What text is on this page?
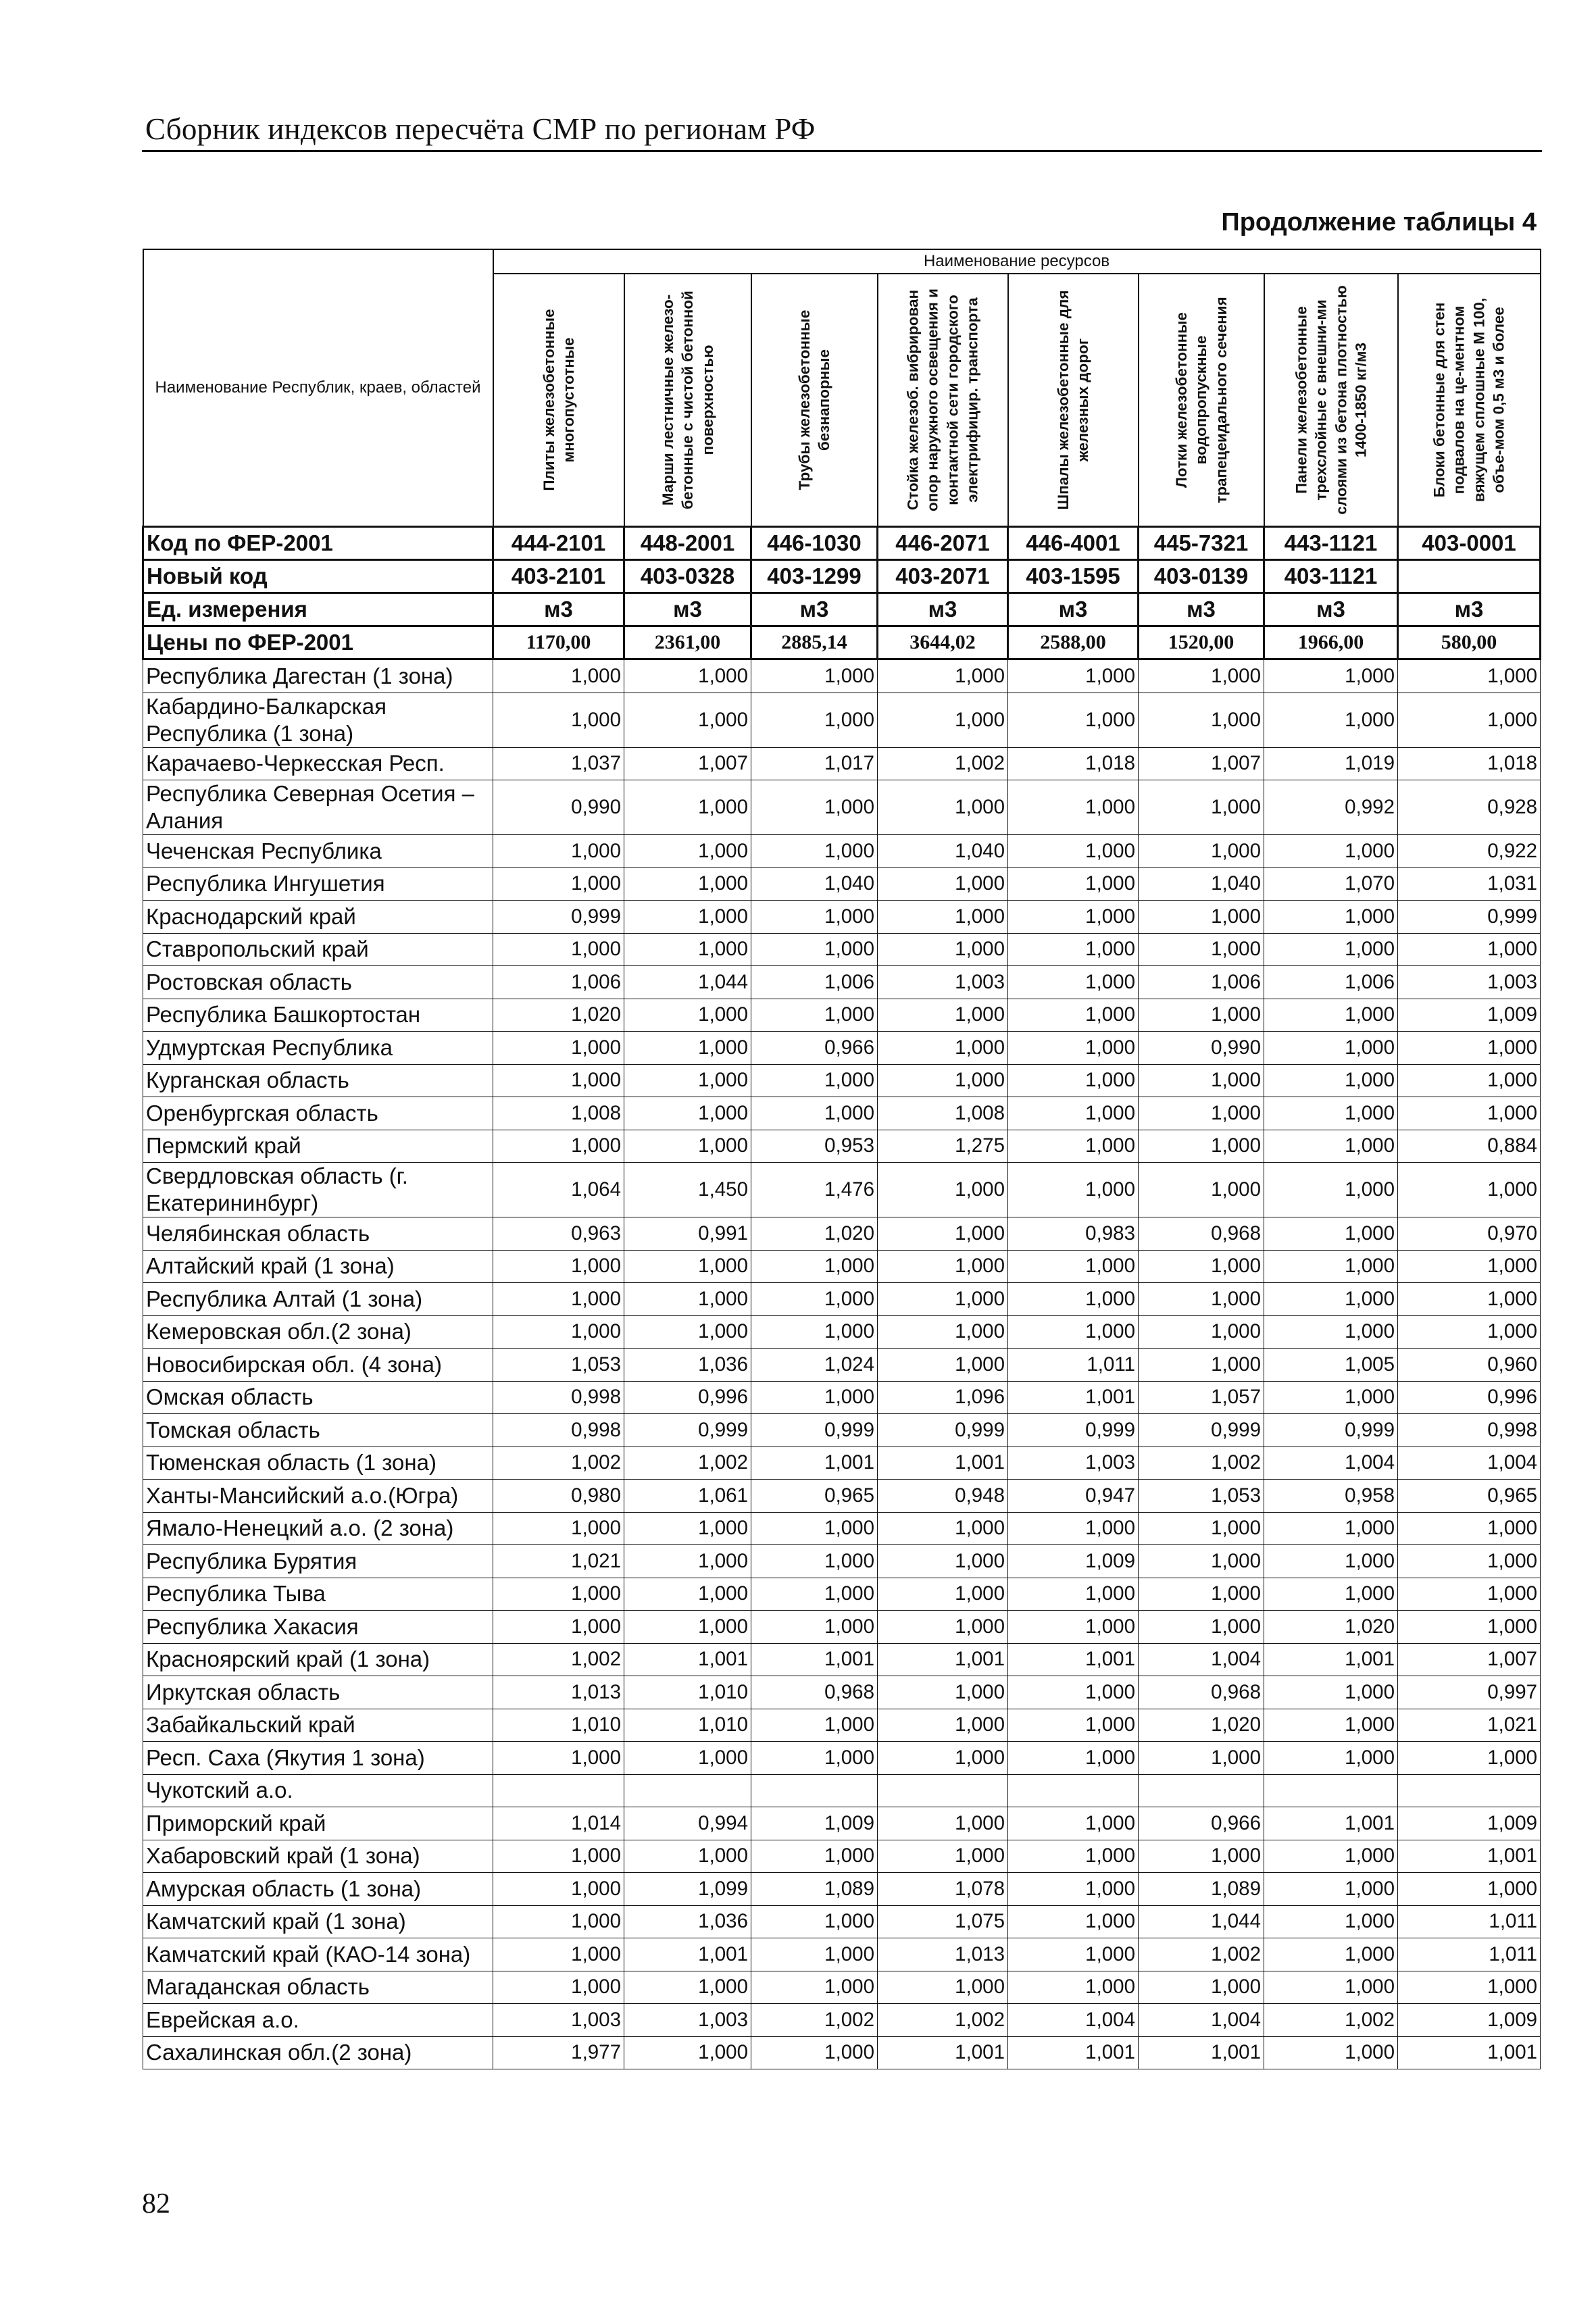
Сборник индексов пересчёта СМР по регионам РФ
Продолжение таблицы 4
Наименование Республик, краев, областей	Наименование ресурсов							

	Плиты железобетонные многопустотные	Марши лестничные железо-бетонные с чистой бетонной поверхностью	Трубы железобетонные безнапорные	Стойка железоб. вибрирован опор наружного освещения и контактной сети городского электрифицир. транспорта	Шпалы железобетонные для железных дорог	Лотки железобетонные водопропускные трапецеидального сечения	Панели железобетонные трехслойные с внешни-ми слоями из бетона плотностью 1400-1850 кг/м3	Блоки бетонные для стен подвалов на це-ментном вяжущем сплошные М 100, объе-мом 0,5 м3 и более

Код по ФЕР-2001	444-2101	448-2001	446-1030	446-2071	446-4001	445-7321	443-1121	403-0001
Новый код	403-2101	403-0328	403-1299	403-2071	403-1595	403-0139	403-1121	
Ед. измерения	м3	м3	м3	м3	м3	м3	м3	м3
Цены по ФЕР-2001	1170,00	2361,00	2885,14	3644,02	2588,00	1520,00	1966,00	580,00
Республика Дагестан (1 зона)	1,000	1,000	1,000	1,000	1,000	1,000	1,000	1,000
Кабардино-Балкарская Республика (1 зона)	1,000	1,000	1,000	1,000	1,000	1,000	1,000	1,000
Карачаево-Черкесская Респ.	1,037	1,007	1,017	1,002	1,018	1,007	1,019	1,018
Республика Северная Осетия – Алания	0,990	1,000	1,000	1,000	1,000	1,000	0,992	0,928
Чеченская Республика	1,000	1,000	1,000	1,040	1,000	1,000	1,000	0,922
Республика Ингушетия	1,000	1,000	1,040	1,000	1,000	1,040	1,070	1,031
Краснодарский край	0,999	1,000	1,000	1,000	1,000	1,000	1,000	0,999
Ставропольский край	1,000	1,000	1,000	1,000	1,000	1,000	1,000	1,000
Ростовская область	1,006	1,044	1,006	1,003	1,000	1,006	1,006	1,003
Республика Башкортостан	1,020	1,000	1,000	1,000	1,000	1,000	1,000	1,009
Удмуртская Республика	1,000	1,000	0,966	1,000	1,000	0,990	1,000	1,000
Курганская область	1,000	1,000	1,000	1,000	1,000	1,000	1,000	1,000
Оренбургская область	1,008	1,000	1,000	1,008	1,000	1,000	1,000	1,000
Пермский край	1,000	1,000	0,953	1,275	1,000	1,000	1,000	0,884
Свердловская область (г. Екатерининбург)	1,064	1,450	1,476	1,000	1,000	1,000	1,000	1,000
Челябинская область	0,963	0,991	1,020	1,000	0,983	0,968	1,000	0,970
Алтайский край (1 зона)	1,000	1,000	1,000	1,000	1,000	1,000	1,000	1,000
Республика Алтай (1 зона)	1,000	1,000	1,000	1,000	1,000	1,000	1,000	1,000
Кемеровская обл.(2 зона)	1,000	1,000	1,000	1,000	1,000	1,000	1,000	1,000
Новосибирская обл. (4 зона)	1,053	1,036	1,024	1,000	1,011	1,000	1,005	0,960
Омская область	0,998	0,996	1,000	1,096	1,001	1,057	1,000	0,996
Томская область	0,998	0,999	0,999	0,999	0,999	0,999	0,999	0,998
Тюменская область (1 зона)	1,002	1,002	1,001	1,001	1,003	1,002	1,004	1,004
Ханты-Мансийский а.о.(Югра)	0,980	1,061	0,965	0,948	0,947	1,053	0,958	0,965
Ямало-Ненецкий а.о. (2 зона)	1,000	1,000	1,000	1,000	1,000	1,000	1,000	1,000
Республика Бурятия	1,021	1,000	1,000	1,000	1,009	1,000	1,000	1,000
Республика Тыва	1,000	1,000	1,000	1,000	1,000	1,000	1,000	1,000
Республика Хакасия	1,000	1,000	1,000	1,000	1,000	1,000	1,020	1,000
Красноярский край (1 зона)	1,002	1,001	1,001	1,001	1,001	1,004	1,001	1,007
Иркутская область	1,013	1,010	0,968	1,000	1,000	0,968	1,000	0,997
Забайкальский край	1,010	1,010	1,000	1,000	1,000	1,020	1,000	1,021
Респ. Саха (Якутия 1 зона)	1,000	1,000	1,000	1,000	1,000	1,000	1,000	1,000
Чукотский а.о.								
Приморский край	1,014	0,994	1,009	1,000	1,000	0,966	1,001	1,009
Хабаровский край (1 зона)	1,000	1,000	1,000	1,000	1,000	1,000	1,000	1,001
Амурская область (1 зона)	1,000	1,099	1,089	1,078	1,000	1,089	1,000	1,000
Камчатский край (1 зона)	1,000	1,036	1,000	1,075	1,000	1,044	1,000	1,011
Камчатский край (КАО-14 зона)	1,000	1,001	1,000	1,013	1,000	1,002	1,000	1,011
Магаданская область	1,000	1,000	1,000	1,000	1,000	1,000	1,000	1,000
Еврейская а.о.	1,003	1,003	1,002	1,002	1,004	1,004	1,002	1,009
Сахалинская обл.(2 зона)	1,977	1,000	1,000	1,001	1,001	1,001	1,000	1,001
82
